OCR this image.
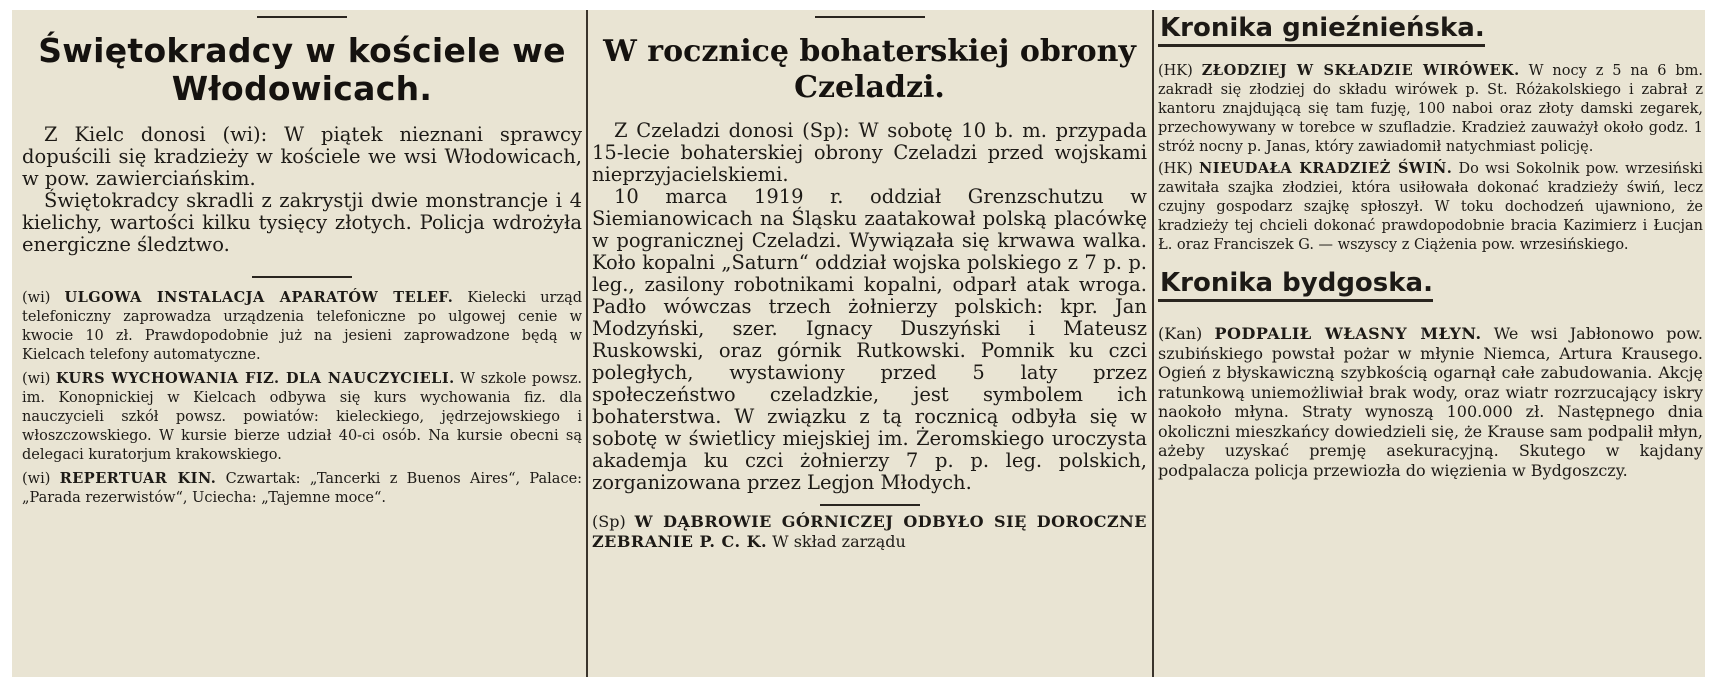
Świętokradcy w kościele we Włodowicach.

Z Kielc donosi (wi): W piątek nieznani sprawcy dopuścili się kradzieży w kościele we wsi Włodowicach, w pow. zawierciańskim.

Świętokradcy skradli z zakrystji dwie monstrancje i 4 kielichy, wartości kilku tysięcy złotych. Policja wdrożyła energiczne śledztwo.

(wi) ULGOWA INSTALACJA APARATÓW TELEF. Kielecki urząd telefoniczny zaprowadza urządzenia telefoniczne po ulgowej cenie w kwocie 10 zł. Prawdopodobnie już na jesieni zaprowadzone będą w Kielcach telefony automatyczne.

(wi) KURS WYCHOWANIA FIZ. DLA NAUCZYCIELI. W szkole powsz. im. Konopnickiej w Kielcach odbywa się kurs wychowania fiz. dla nauczycieli szkół powsz. powiatów: kieleckiego, jędrzejowskiego i włoszczowskiego. W kursie bierze udział 40-ci osób. Na kursie obecni są delegaci kuratorjum krakowskiego.

(wi) REPERTUAR KIN. Czwartak: „Tancerki z Buenos Aires“, Palace: „Parada rezerwistów“, Uciecha: „Tajemne moce“.

W rocznicę bohaterskiej obrony Czeladzi.

Z Czeladzi donosi (Sp): W sobotę 10 b. m. przypada 15-lecie bohaterskiej obrony Czeladzi przed wojskami nieprzyjacielskiemi.

10 marca 1919 r. oddział Grenzschutzu w Siemianowicach na Śląsku zaatakował polską placówkę w pogranicznej Czeladzi. Wywiązała się krwawa walka. Koło kopalni „Saturn“ oddział wojska polskiego z 7 p. p. leg., zasilony robotnikami kopalni, odparł atak wroga. Padło wówczas trzech żołnierzy polskich: kpr. Jan Modzyński, szer. Ignacy Duszyński i Mateusz Ruskowski, oraz górnik Rutkowski. Pomnik ku czci poległych, wystawiony przed 5 laty przez społeczeństwo czeladzkie, jest symbolem ich bohaterstwa. W związku z tą rocznicą odbyła się w sobotę w świetlicy miejskiej im. Żeromskiego uroczysta akademja ku czci żołnierzy 7 p. p. leg. polskich, zorganizowana przez Legjon Młodych.

(Sp) W DĄBROWIE GÓRNICZEJ ODBYŁO SIĘ DOROCZNE ZEBRANIE P. C. K. W skład zarządu

Kronika gnieźnieńska.

(HK) ZŁODZIEJ W SKŁADZIE WIRÓWEK. W nocy z 5 na 6 bm. zakradł się złodziej do składu wirówek p. St. Różakolskiego i zabrał z kantoru znajdującą się tam fuzję, 100 naboi oraz złoty damski zegarek, przechowywany w torebce w szufladzie. Kradzież zauważył około godz. 1 stróż nocny p. Janas, który zawiadomił natychmiast policję.

(HK) NIEUDAŁA KRADZIEŻ ŚWIŃ. Do wsi Sokolnik pow. wrzesiński zawitała szajka złodziei, która usiłowała dokonać kradzieży świń, lecz czujny gospodarz szajkę spłoszył. W toku dochodzeń ujawniono, że kradzieży tej chcieli dokonać prawdopodobnie bracia Kazimierz i Łucjan Ł. oraz Franciszek G. — wszyscy z Ciążenia pow. wrzesińskiego.

Kronika bydgoska.

(Kan) PODPALIŁ WŁASNY MŁYN. We wsi Jabłonowo pow. szubińskiego powstał pożar w młynie Niemca, Artura Krausego. Ogień z błyskawiczną szybkością ogarnął całe zabudowania. Akcję ratunkową uniemożliwiał brak wody, oraz wiatr rozrzucający iskry naokoło młyna. Straty wynoszą 100.000 zł. Następnego dnia okoliczni mieszkańcy dowiedzieli się, że Krause sam podpalił młyn, ażeby uzyskać premję asekuracyjną. Skutego w kajdany podpalacza policja przewiozła do więzienia w Bydgoszczy.
